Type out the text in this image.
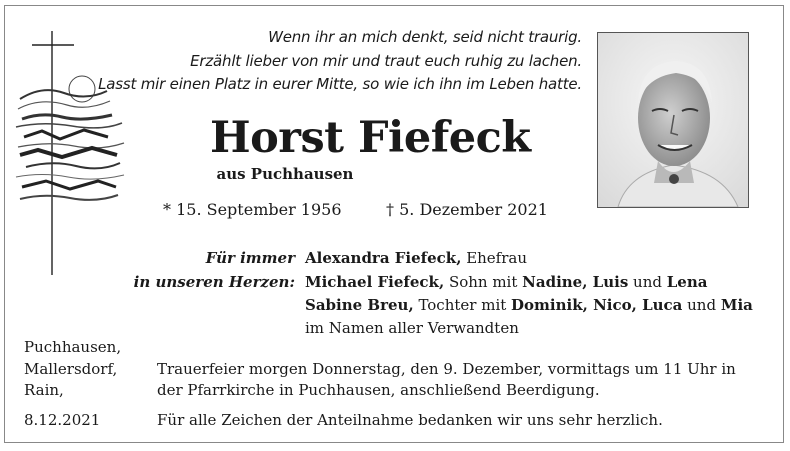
Wenn ihr an mich denkt, seid nicht traurig.
Erzählt lieber von mir und traut euch ruhig zu lachen.
Lasst mir einen Platz in eurer Mitte, so wie ich ihn im Leben hatte.
Horst Fiefeck
aus Puchhausen
* 15. September 1956	† 5. Dezember 2021
Für immer
in unseren Herzen:
Alexandra Fiefeck, Ehefrau
Michael Fiefeck, Sohn mit Nadine, Luis und Lena
Sabine Breu, Tochter mit Dominik, Nico, Luca und Mia
im Namen aller Verwandten
Puchhausen,
Mallersdorf,
Rain,
8.12.2021
Trauerfeier morgen Donnerstag, den 9. Dezember, vormittags um 11 Uhr in
der Pfarrkirche in Puchhausen, anschließend Beerdigung.
Für alle Zeichen der Anteilnahme bedanken wir uns sehr herzlich.
